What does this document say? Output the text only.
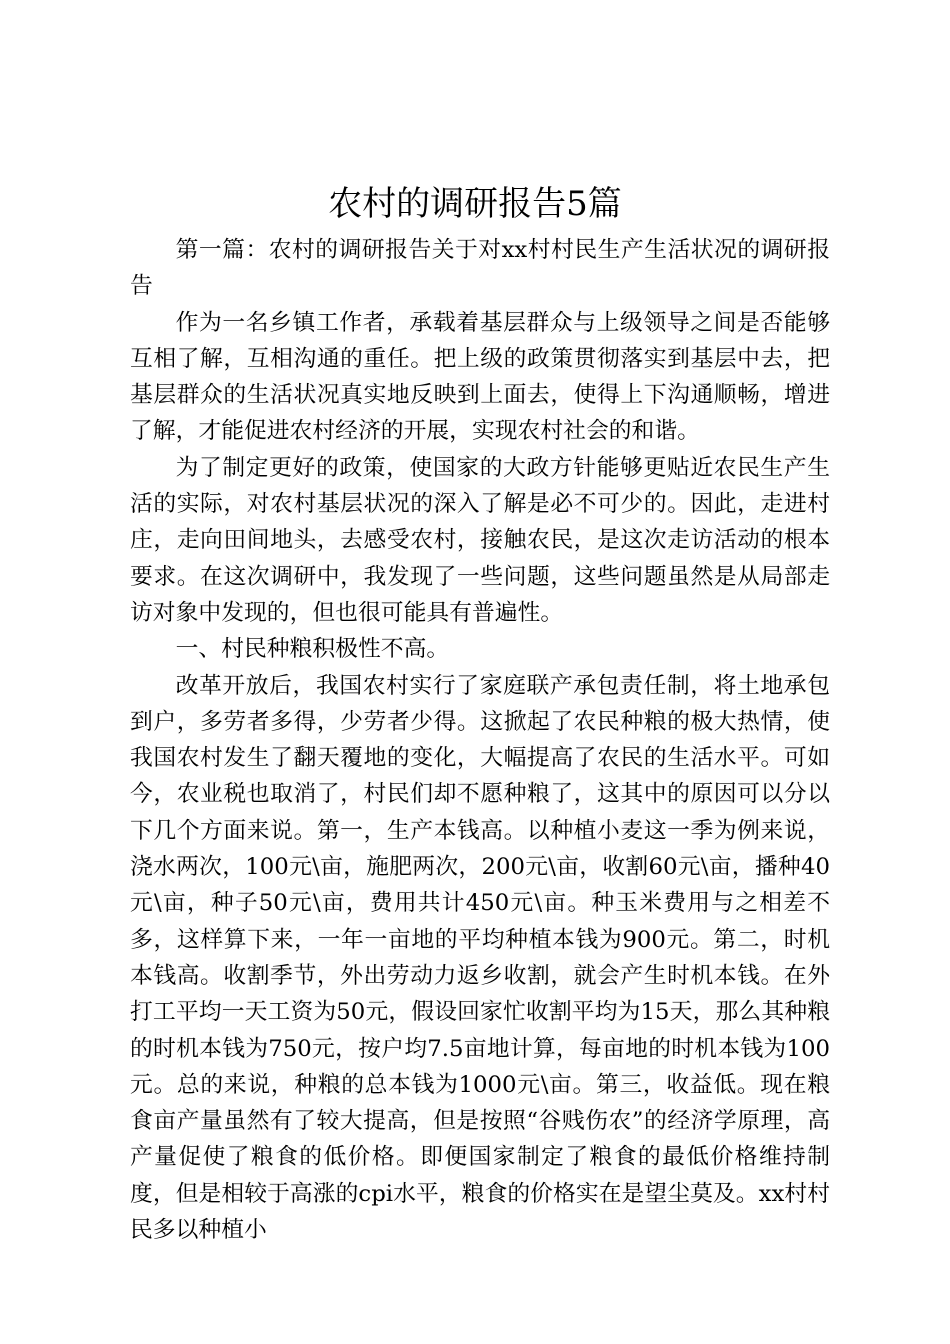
农村的调研报告5篇

第一篇：农村的调研报告关于对xx村村民生产生活状况的调研报告

作为一名乡镇工作者，承载着基层群众与上级领导之间是否能够互相了解，互相沟通的重任。把上级的政策贯彻落实到基层中去，把基层群众的生活状况真实地反映到上面去，使得上下沟通顺畅，增进了解，才能促进农村经济的开展，实现农村社会的和谐。

为了制定更好的政策，使国家的大政方针能够更贴近农民生产生活的实际，对农村基层状况的深入了解是必不可少的。因此，走进村庄，走向田间地头，去感受农村，接触农民，是这次走访活动的根本要求。在这次调研中，我发现了一些问题，这些问题虽然是从局部走访对象中发现的，但也很可能具有普遍性。

一、村民种粮积极性不高。

改革开放后，我国农村实行了家庭联产承包责任制，将土地承包到户，多劳者多得，少劳者少得。这掀起了农民种粮的极大热情，使我国农村发生了翻天覆地的变化，大幅提高了农民的生活水平。可如今，农业税也取消了，村民们却不愿种粮了，这其中的原因可以分以下几个方面来说。第一，生产本钱高。以种植小麦这一季为例来说，浇水两次，100元\亩，施肥两次，200元\亩，收割60元\亩，播种40元\亩，种子50元\亩，费用共计450元\亩。种玉米费用与之相差不多，这样算下来，一年一亩地的平均种植本钱为900元。第二，时机本钱高。收割季节，外出劳动力返乡收割，就会产生时机本钱。在外打工平均一天工资为50元，假设回家忙收割平均为15天，那么其种粮的时机本钱为750元，按户均7.5亩地计算，每亩地的时机本钱为100元。总的来说，种粮的总本钱为1000元\亩。第三，收益低。现在粮食亩产量虽然有了较大提高，但是按照“谷贱伤农”的经济学原理，高产量促使了粮食的低价格。即便国家制定了粮食的最低价格维持制度，但是相较于高涨的cpi水平，粮食的价格实在是望尘莫及。xx村村民多以种植小
